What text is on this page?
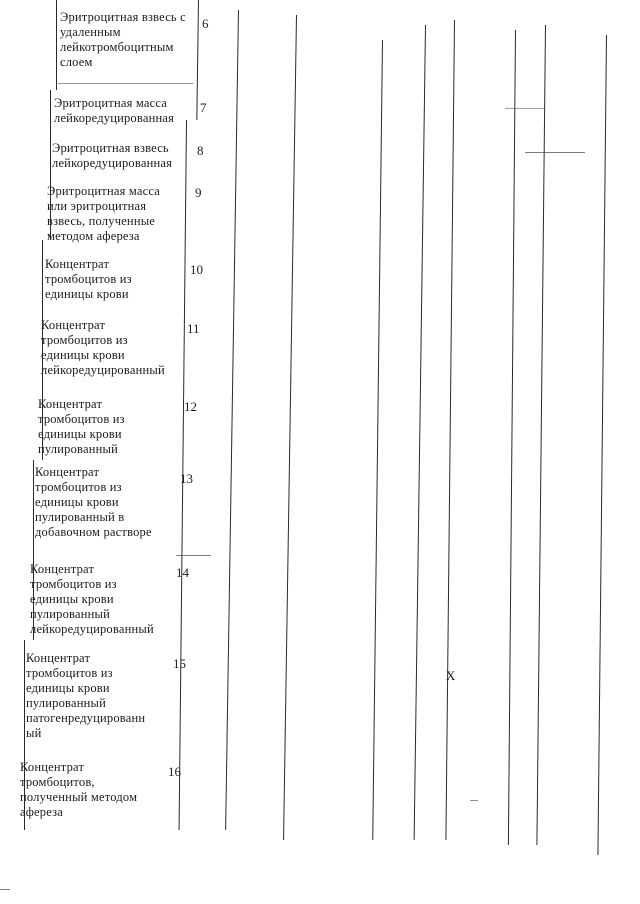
Эритроцитная взвесь с
удаленным
лейкотромбоцитным
слоем
Эритроцитная масса
лейкоредуцированная
Эритроцитная взвесь
лейкоредуцированная
Эритроцитная масса
или эритроцитная
взвесь, полученные
методом афереза
Концентрат
тромбоцитов из
единицы крови
Концентрат
тромбоцитов из
единицы крови
лейкоредуцированный
Концентрат
тромбоцитов из
единицы крови
пулированный
Концентрат
тромбоцитов из
единицы крови
пулированный в
добавочном растворе
Концентрат
тромбоцитов из
единицы крови
пулированный
лейкоредуцированный
Концентрат
тромбоцитов из
единицы крови
пулированный
патогенредуцированн
ый
Концентрат
тромбоцитов,
полученный методом
афереза
6
7
8
9
10
11
12
13
14
15
16
X
